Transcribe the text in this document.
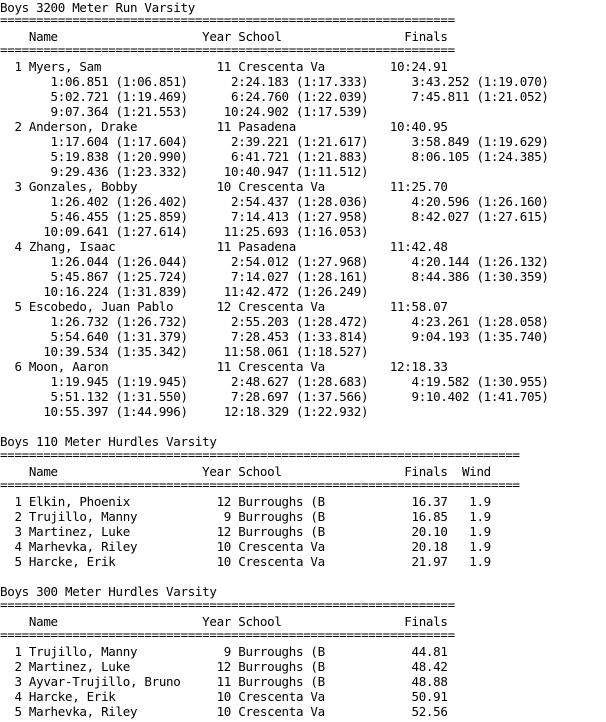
Boys 3200 Meter Run Varsity
===============================================================
Name                    Year School                 Finals
===============================================================
1 Myers, Sam                11 Crescenta Va         10:24.91
1:06.851 (1:06.851)      2:24.183 (1:17.333)      3:43.252 (1:19.070)
5:02.721 (1:19.469)      6:24.760 (1:22.039)      7:45.811 (1:21.052)
9:07.364 (1:21.553)     10:24.902 (1:17.539)
2 Anderson, Drake           11 Pasadena             10:40.95
1:17.604 (1:17.604)      2:39.221 (1:21.617)      3:58.849 (1:19.629)
5:19.838 (1:20.990)      6:41.721 (1:21.883)      8:06.105 (1:24.385)
9:29.436 (1:23.332)     10:40.947 (1:11.512)
3 Gonzales, Bobby           10 Crescenta Va         11:25.70
1:26.402 (1:26.402)      2:54.437 (1:28.036)      4:20.596 (1:26.160)
5:46.455 (1:25.859)      7:14.413 (1:27.958)      8:42.027 (1:27.615)
10:09.641 (1:27.614)     11:25.693 (1:16.053)
4 Zhang, Isaac              11 Pasadena             11:42.48
1:26.044 (1:26.044)      2:54.012 (1:27.968)      4:20.144 (1:26.132)
5:45.867 (1:25.724)      7:14.027 (1:28.161)      8:44.386 (1:30.359)
10:16.224 (1:31.839)     11:42.472 (1:26.249)
5 Escobedo, Juan Pablo      12 Crescenta Va         11:58.07
1:26.732 (1:26.732)      2:55.203 (1:28.472)      4:23.261 (1:28.058)
5:54.640 (1:31.379)      7:28.453 (1:33.814)      9:04.193 (1:35.740)
10:39.534 (1:35.342)     11:58.061 (1:18.527)
6 Moon, Aaron               11 Crescenta Va         12:18.33
1:19.945 (1:19.945)      2:48.627 (1:28.683)      4:19.582 (1:30.955)
5:51.132 (1:31.550)      7:28.697 (1:37.566)      9:10.402 (1:41.705)
10:55.397 (1:44.996)     12:18.329 (1:22.932)
Boys 110 Meter Hurdles Varsity
========================================================================
Name                    Year School                 Finals  Wind
========================================================================
1 Elkin, Phoenix            12 Burroughs (B            16.37   1.9
2 Trujillo, Manny            9 Burroughs (B            16.85   1.9
3 Martinez, Luke            12 Burroughs (B            20.10   1.9
4 Marhevka, Riley           10 Crescenta Va            20.18   1.9
5 Harcke, Erik              10 Crescenta Va            21.97   1.9
Boys 300 Meter Hurdles Varsity
===============================================================
Name                    Year School                 Finals
===============================================================
1 Trujillo, Manny            9 Burroughs (B            44.81
2 Martinez, Luke            12 Burroughs (B            48.42
3 Ayvar-Trujillo, Bruno     11 Burroughs (B            48.88
4 Harcke, Erik              10 Crescenta Va            50.91
5 Marhevka, Riley           10 Crescenta Va            52.56
